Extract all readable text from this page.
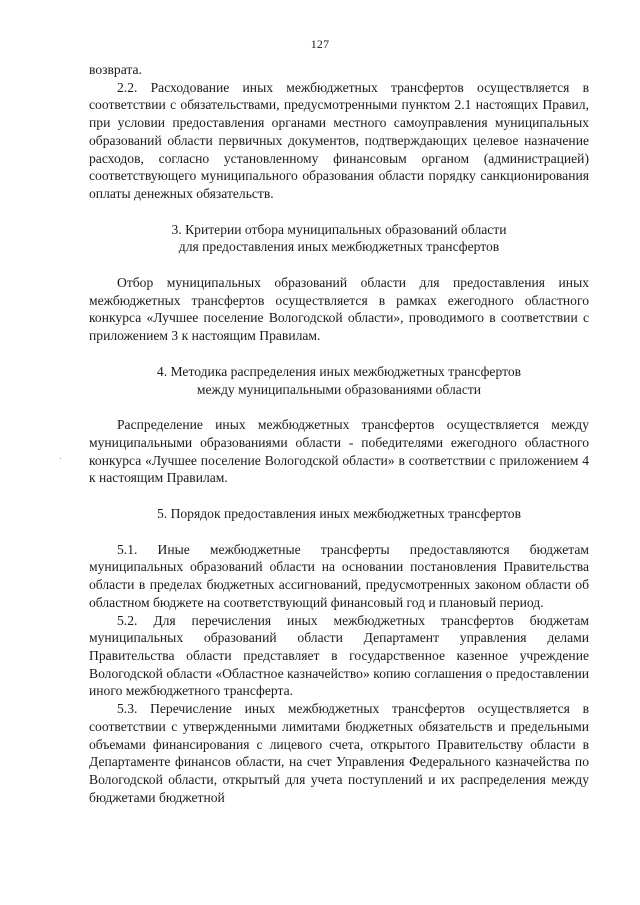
127

возврата.

2.2. Расходование иных межбюджетных трансфертов осуществляется в соответствии с обязательствами, предусмотренными пунктом 2.1 настоящих Правил, при условии предоставления органами местного самоуправления муниципальных образований области первичных документов, подтверждающих целевое назначение расходов, согласно установленному финансовым органом (администрацией) соответствующего муниципального образования области порядку санкционирования оплаты денежных обязательств.

3. Критерии отбора муниципальных образований области

для предоставления иных межбюджетных трансфертов

Отбор муниципальных образований области для предоставления иных межбюджетных трансфертов осуществляется в рамках ежегодного областного конкурса «Лучшее поселение Вологодской области», проводимого в соответствии с приложением 3 к настоящим Правилам.

4. Методика распределения иных межбюджетных трансфертов

между муниципальными образованиями области

Распределение иных межбюджетных трансфертов осуществляется между муниципальными образованиями области - победителями ежегодного областного конкурса «Лучшее поселение Вологодской области» в соответствии с приложением 4 к настоящим Правилам.

5. Порядок предоставления иных межбюджетных трансфертов

5.1. Иные межбюджетные трансферты предоставляются бюджетам муниципальных образований области на основании постановления Правительства области в пределах бюджетных ассигнований, предусмотренных законом области об областном бюджете на соответствующий финансовый год и плановый период.

5.2. Для перечисления иных межбюджетных трансфертов бюджетам муниципальных образований области Департамент управления делами Правительства области представляет в государственное казенное учреждение Вологодской области «Областное казначейство» копию соглашения о предоставлении иного межбюджетного трансферта.

5.3. Перечисление иных межбюджетных трансфертов осуществляется в соответствии с утвержденными лимитами бюджетных обязательств и предельными объемами финансирования с лицевого счета, открытого Правительству области в Департаменте финансов области, на счет Управления Федерального казначейства по Вологодской области, открытый для учета поступлений и их распределения между бюджетами бюджетной
